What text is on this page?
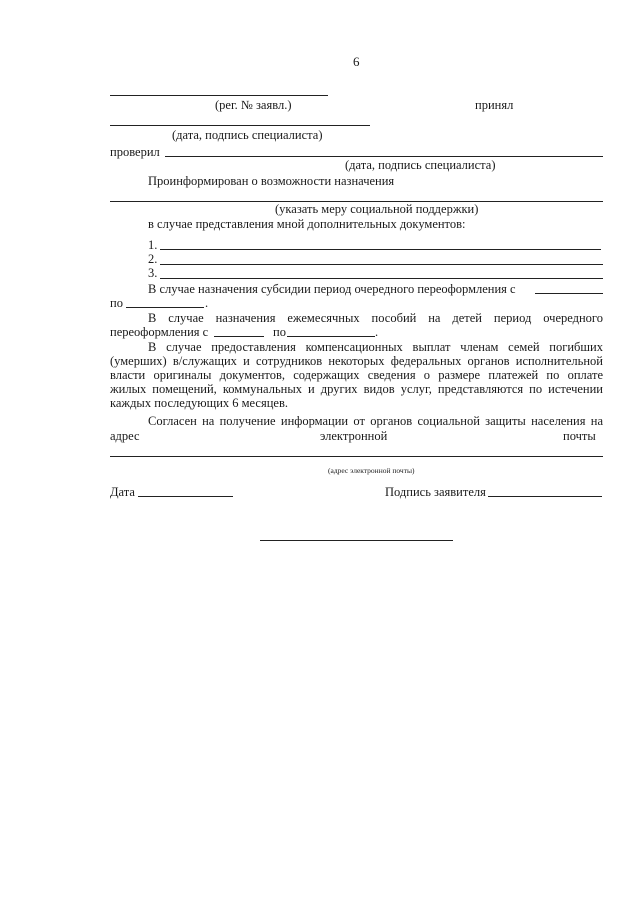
6
(рег. № заявл.)	принял
(дата, подпись специалиста)
проверил
(дата, подпись специалиста)
Проинформирован о возможности назначения
(указать меру социальной поддержки)
в случае представления мной дополнительных документов:
1.
2.
3.
В случае назначения субсидии период очередного переоформления с
по	.
В случае назначения ежемесячных пособий на детей период очередного
переоформления с	по	.
В случае предоставления компенсационных выплат членам семей погибших
(умерших) в/служащих и сотрудников некоторых федеральных органов исполнительной
власти оригиналы документов, содержащих сведения о размере платежей по оплате
жилых помещений, коммунальных и других видов услуг, представляются по истечении
каждых последующих 6 месяцев.
Согласен на получение информации от органов социальной защиты населения на
адрес	электронной	почты
(адрес электронной почты)
Дата	Подпись заявителя
